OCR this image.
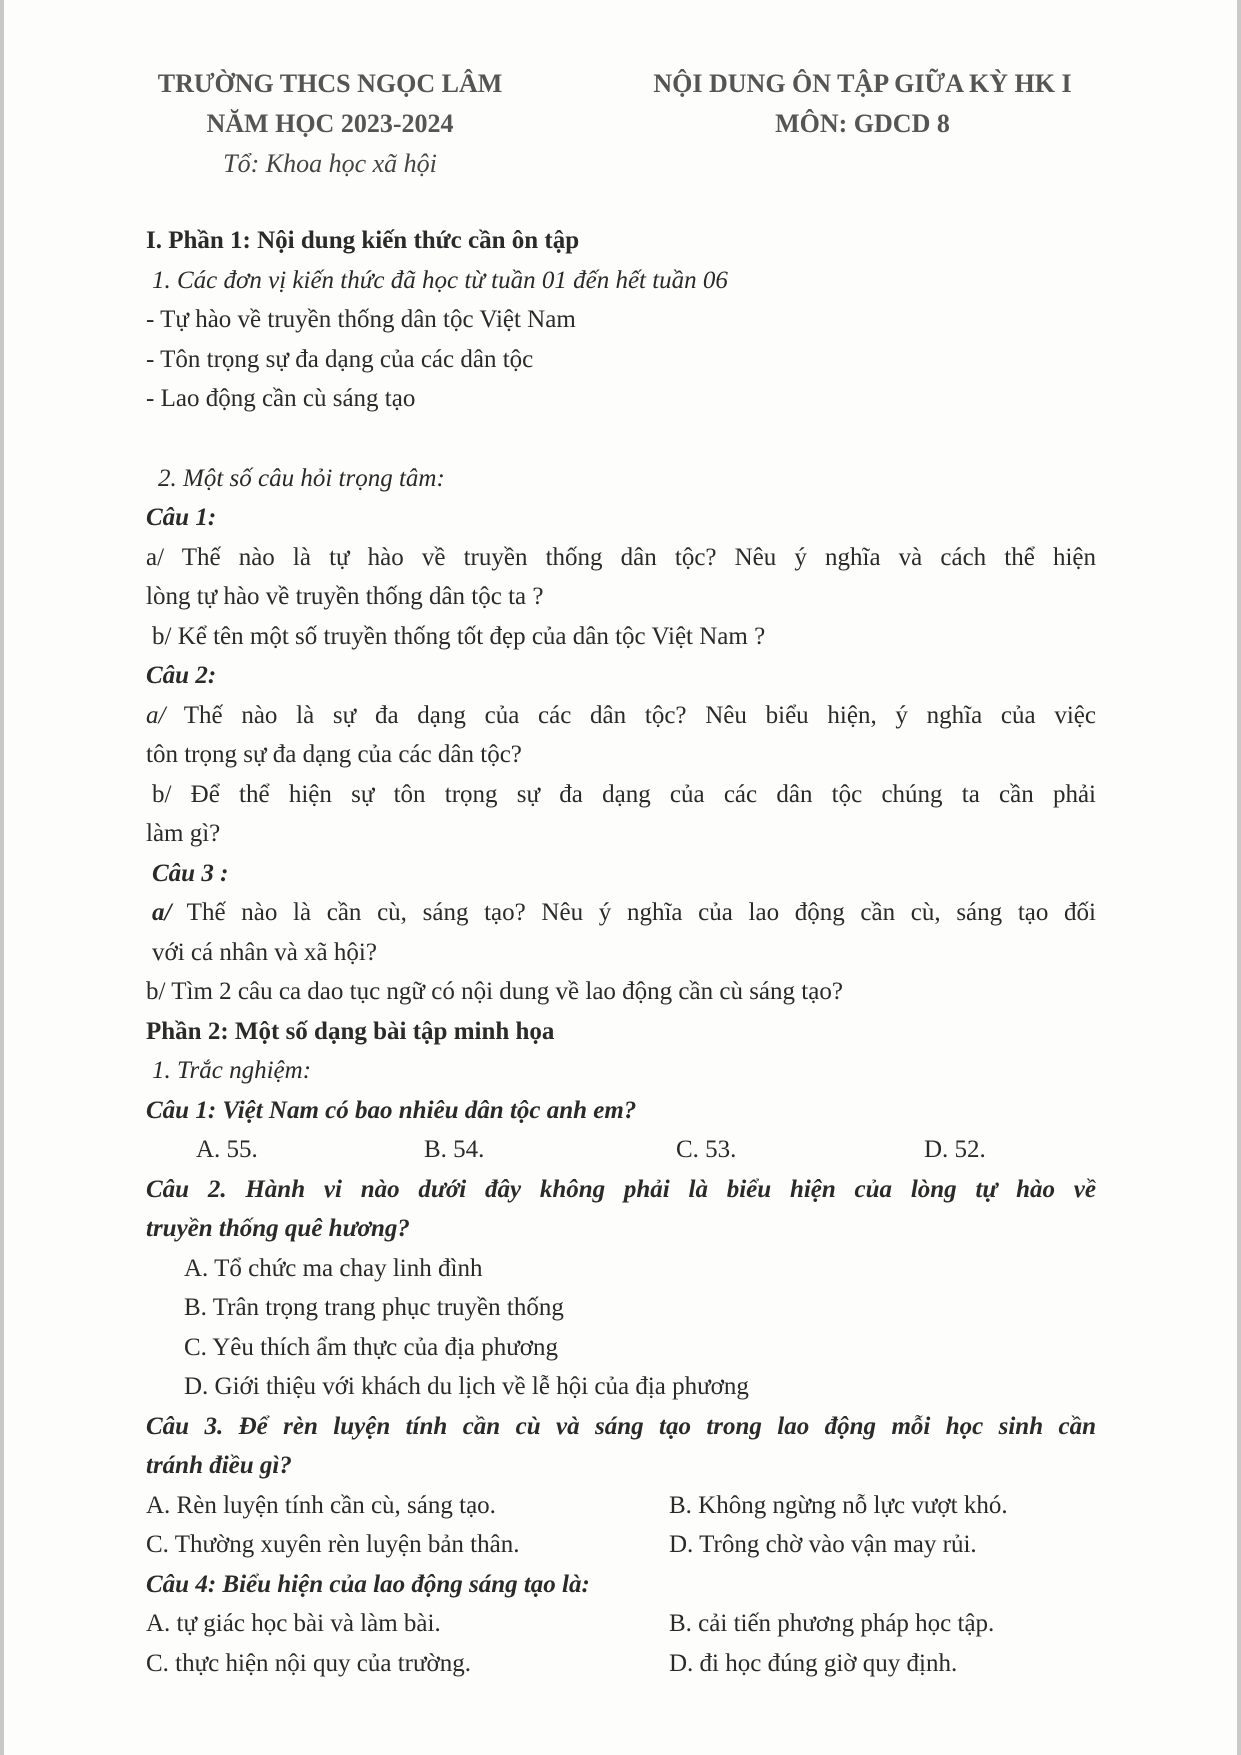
TRƯỜNG THCS NGỌC LÂM
NĂM HỌC 2023-2024
Tổ: Khoa học xã hội
NỘI DUNG ÔN TẬP GIỮA KỲ HK I
MÔN: GDCD 8

I. Phần 1: Nội dung kiến thức cần ôn tập

1. Các đơn vị kiến thức đã học từ tuần 01 đến hết tuần 06

- Tự hào về truyền thống dân tộc Việt Nam

- Tôn trọng sự đa dạng của các dân tộc

- Lao động cần cù sáng tạo

2. Một số câu hỏi trọng tâm:

Câu 1:

a/ Thế nào là tự hào về truyền thống dân tộc? Nêu ý nghĩa và cách thể hiện

lòng tự hào về truyền thống dân tộc ta ?

b/ Kể tên một số truyền thống tốt đẹp của dân tộc Việt Nam ?

Câu 2:

a/ Thế nào là sự đa dạng của các dân tộc? Nêu biểu hiện, ý nghĩa của việc

tôn trọng sự đa dạng của các dân tộc?

b/ Để thể hiện sự tôn trọng sự đa dạng của các dân tộc chúng ta cần phải

làm gì?

Câu 3 :

a/ Thế nào là cần cù, sáng tạo? Nêu ý nghĩa của lao động cần cù, sáng tạo đối

với cá nhân và xã hội?

b/ Tìm 2 câu ca dao tục ngữ có nội dung về lao động cần cù sáng tạo?

Phần 2: Một số dạng bài tập minh họa

1. Trắc nghiệm:

Câu 1: Việt Nam có bao nhiêu dân tộc anh em?

A. 55.	B. 54.	C. 53.	D. 52.

Câu 2. Hành vi nào dưới đây không phải là biểu hiện của lòng tự hào về

truyền thống quê hương?

A. Tổ chức ma chay linh đình

B. Trân trọng trang phục truyền thống

C. Yêu thích ẩm thực của địa phương

D. Giới thiệu với khách du lịch về lễ hội của địa phương

Câu 3. Để rèn luyện tính cần cù và sáng tạo trong lao động mỗi học sinh cần

tránh điều gì?

A. Rèn luyện tính cần cù, sáng tạo.	B. Không ngừng nỗ lực vượt khó.
C. Thường xuyên rèn luyện bản thân.	D. Trông chờ vào vận may rủi.

Câu 4: Biểu hiện của lao động sáng tạo là:

A. tự giác học bài và làm bài.	B. cải tiến phương pháp học tập.
C. thực hiện nội quy của trường.	D. đi học đúng giờ quy định.
